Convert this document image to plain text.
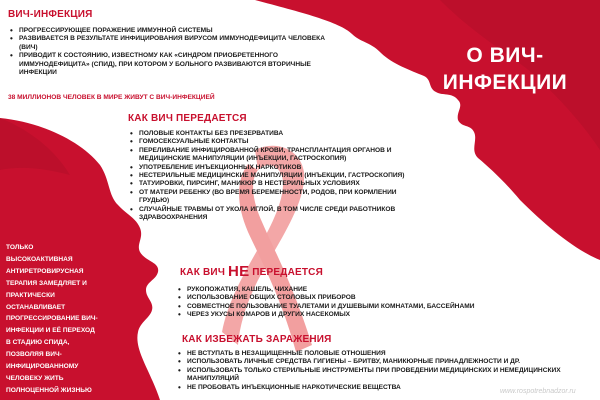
О ВИЧ-ИНФЕКЦИИ
ВИЧ-ИНФЕКЦИЯ
• ПРОГРЕССИРУЮЩЕЕ ПОРАЖЕНИЕ ИММУННОЙ СИСТЕМЫ
• РАЗВИВАЕТСЯ В РЕЗУЛЬТАТЕ ИНФИЦИРОВАНИЯ ВИРУСОМ ИММУНОДЕФИЦИТА ЧЕЛОВЕКА (ВИЧ)
• ПРИВОДИТ К СОСТОЯНИЮ, ИЗВЕСТНОМУ КАК «СИНДРОМ ПРИОБРЕТЕННОГО ИММУНОДЕФИЦИТА» (СПИД), ПРИ КОТОРОМ У БОЛЬНОГО РАЗВИВАЮТСЯ ВТОРИЧНЫЕ ИНФЕКЦИИ
38 МИЛЛИОНОВ ЧЕЛОВЕК В МИРЕ ЖИВУТ С ВИЧ-ИНФЕКЦИЕЙ
КАК ВИЧ ПЕРЕДАЕТСЯ
• ПОЛОВЫЕ КОНТАКТЫ БЕЗ ПРЕЗЕРВАТИВА
• ГОМОСЕКСУАЛЬНЫЕ КОНТАКТЫ
• ПЕРЕЛИВАНИЕ ИНФИЦИРОВАННОЙ КРОВИ, ТРАНСПЛАНТАЦИЯ ОРГАНОВ И МЕДИЦИНСКИЕ МАНИПУЛЯЦИИ (ИНЪЕКЦИИ, ГАСТРОСКОПИЯ)
• УПОТРЕБЛЕНИЕ ИНЪЕКЦИОННЫХ НАРКОТИКОВ
• НЕСТЕРИЛЬНЫЕ МЕДИЦИНСКИЕ МАНИПУЛЯЦИИ (ИНЪЕКЦИИ, ГАСТРОСКОПИЯ)
• ТАТУИРОВКИ, ПИРСИНГ, МАНИКЮР В НЕСТЕРИЛЬНЫХ УСЛОВИЯХ
• ОТ МАТЕРИ РЕБЕНКУ (ВО ВРЕМЯ БЕРЕМЕННОСТИ, РОДОВ, ПРИ КОРМЛЕНИИ ГРУДЬЮ)
• СЛУЧАЙНЫЕ ТРАВМЫ ОТ УКОЛА ИГЛОЙ, В ТОМ ЧИСЛЕ СРЕДИ РАБОТНИКОВ ЗДРАВООХРАНЕНИЯ
КАК ВИЧ НЕ ПЕРЕДАЕТСЯ
• РУКОПОЖАТИЯ, КАШЕЛЬ, ЧИХАНИЕ
• ИСПОЛЬЗОВАНИЕ ОБЩИХ СТОЛОВЫХ ПРИБОРОВ
• СОВМЕСТНОЕ ПОЛЬЗОВАНИЕ ТУАЛЕТАМИ И ДУШЕВЫМИ КОМНАТАМИ, БАССЕЙНАМИ
• ЧЕРЕЗ УКУСЫ КОМАРОВ И ДРУГИХ НАСЕКОМЫХ
КАК ИЗБЕЖАТЬ ЗАРАЖЕНИЯ
• НЕ ВСТУПАТЬ В НЕЗАЩИЩЕННЫЕ ПОЛОВЫЕ ОТНОШЕНИЯ
• ИСПОЛЬЗОВАТЬ ЛИЧНЫЕ СРЕДСТВА ГИГИЕНЫ – БРИТВУ, МАНИКЮРНЫЕ ПРИНАДЛЕЖНОСТИ И ДР.
• ИСПОЛЬЗОВАТЬ ТОЛЬКО СТЕРИЛЬНЫЕ ИНСТРУМЕНТЫ ПРИ ПРОВЕДЕНИИ МЕДИЦИНСКИХ И НЕМЕДИЦИНСКИХ МАНИПУЛЯЦИЙ
• НЕ ПРОБОВАТЬ ИНЪЕКЦИОННЫЕ НАРКОТИЧЕСКИЕ ВЕЩЕСТВА
ТОЛЬКО
ВЫСОКОАКТИВНАЯ
АНТИРЕТРОВИРУСНАЯ
ТЕРАПИЯ ЗАМЕДЛЯЕТ И
ПРАКТИЧЕСКИ
ОСТАНАВЛИВАЕТ
ПРОГРЕССИРОВАНИЕ ВИЧ-
ИНФЕКЦИИ И ЕЁ ПЕРЕХОД
В СТАДИЮ СПИДА,
ПОЗВОЛЯЯ ВИЧ-
ИНФИЦИРОВАННОМУ
ЧЕЛОВЕКУ ЖИТЬ
ПОЛНОЦЕННОЙ ЖИЗНЬЮ	www.rospotrebnadzor.ru
